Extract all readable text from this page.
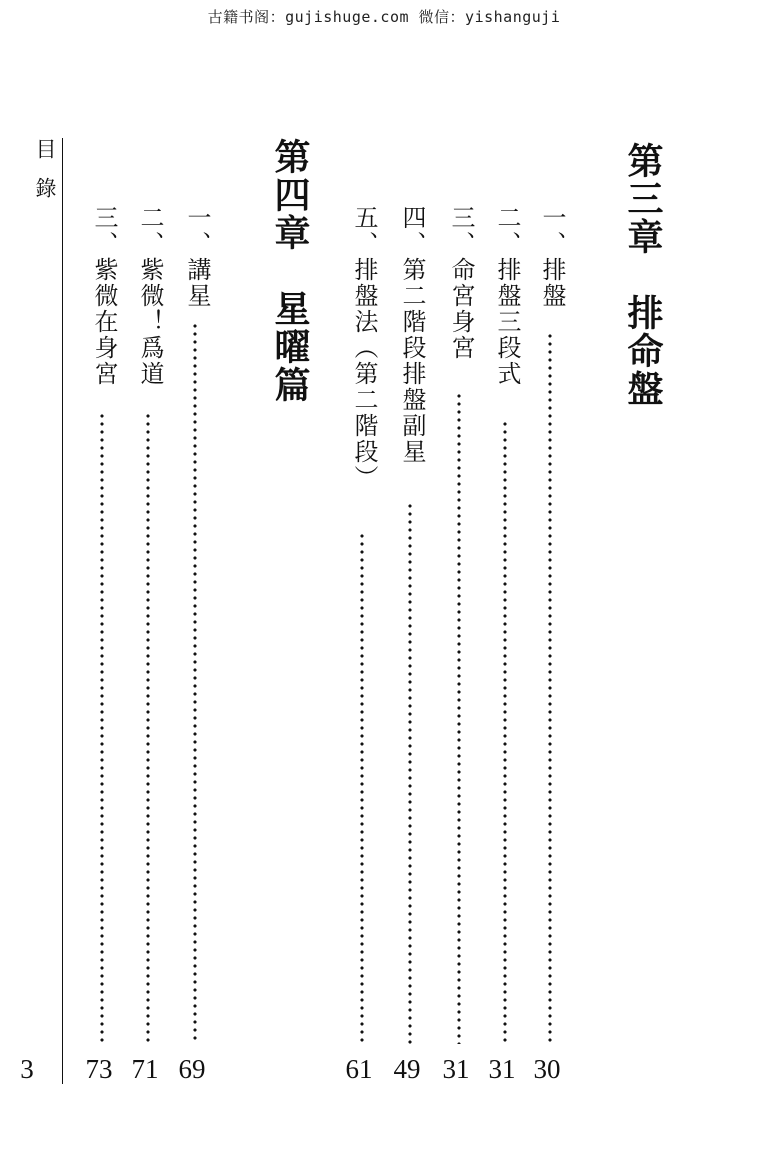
古籍书阁：gujishuge.com 微信：yishanguji
目錄
3
第三章　排命盤
一、排盤
30
二、排盤三段式
31
三、命宮身宮
31
四、第二階段排盤副星
49
五、排盤法（第二階段）
61
第四章　星曜篇
一、講星
69
二、紫微！爲道
71
三、紫微在身宮
73
